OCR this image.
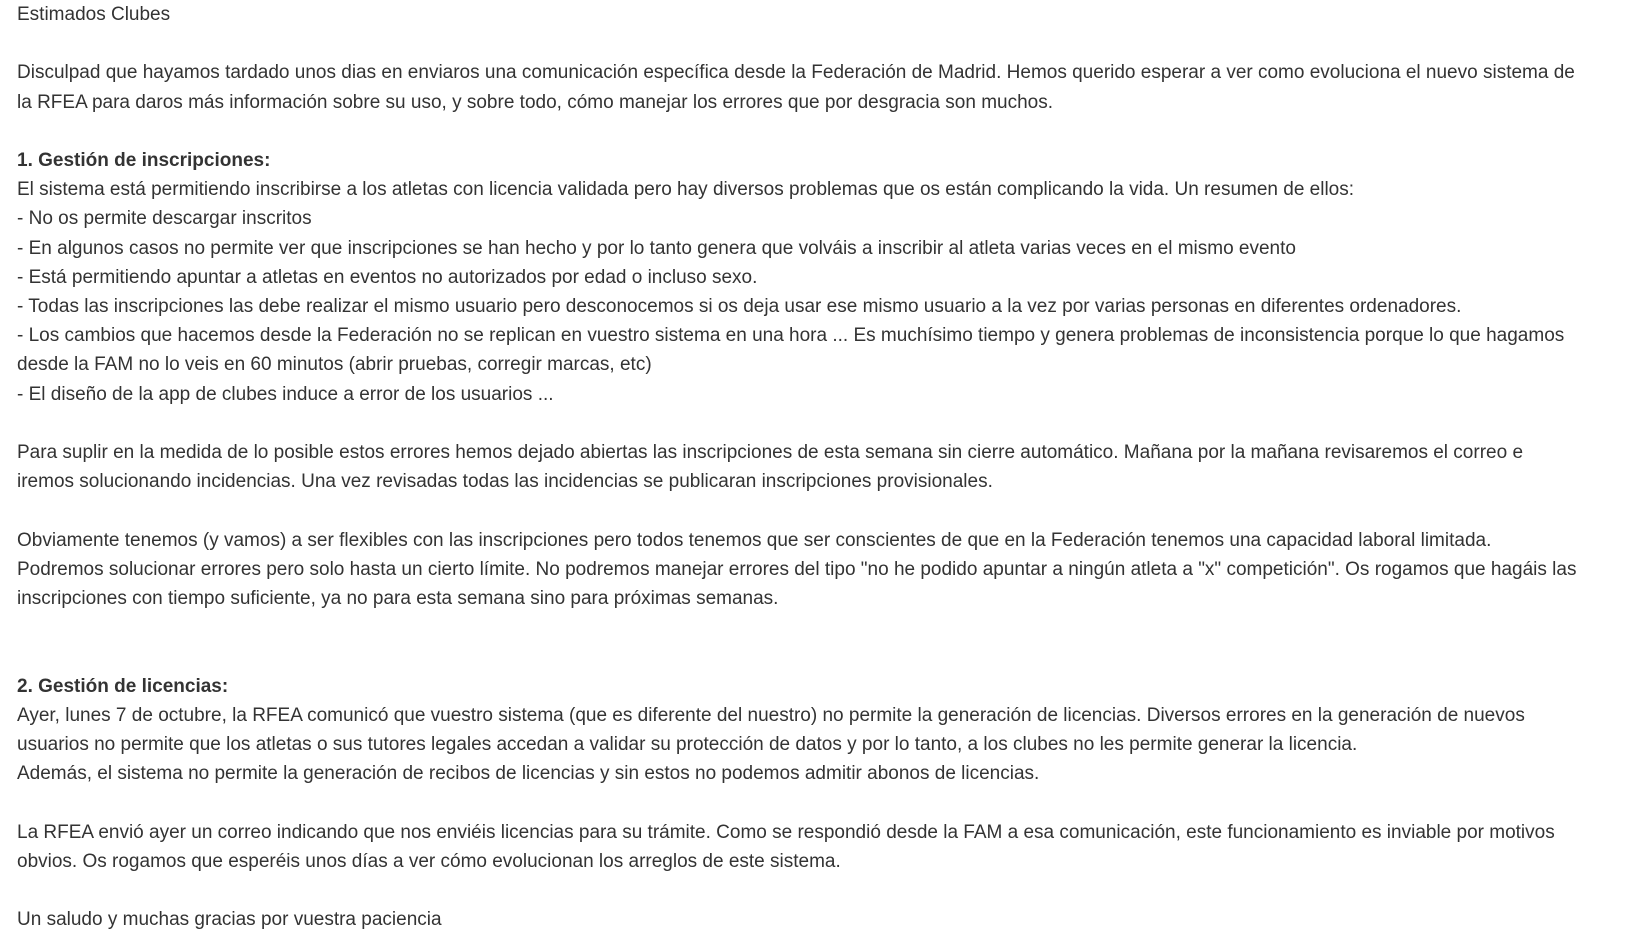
Estimados Clubes
Disculpad que hayamos tardado unos dias en enviaros una comunicación específica desde la Federación de Madrid. Hemos querido esperar a ver como evoluciona el nuevo sistema de
la RFEA para daros más información sobre su uso, y sobre todo, cómo manejar los errores que por desgracia son muchos.
1. Gestión de inscripciones:
El sistema está permitiendo inscribirse a los atletas con licencia validada pero hay diversos problemas que os están complicando la vida. Un resumen de ellos:
- No os permite descargar inscritos
- En algunos casos no permite ver que inscripciones se han hecho y por lo tanto genera que volváis a inscribir al atleta varias veces en el mismo evento
- Está permitiendo apuntar a atletas en eventos no autorizados por edad o incluso sexo.
- Todas las inscripciones las debe realizar el mismo usuario pero desconocemos si os deja usar ese mismo usuario a la vez por varias personas en diferentes ordenadores.
- Los cambios que hacemos desde la Federación no se replican en vuestro sistema en una hora ... Es muchísimo tiempo y genera problemas de inconsistencia porque lo que hagamos
desde la FAM no lo veis en 60 minutos (abrir pruebas, corregir marcas, etc)
- El diseño de la app de clubes induce a error de los usuarios ...
Para suplir en la medida de lo posible estos errores hemos dejado abiertas las inscripciones de esta semana sin cierre automático. Mañana por la mañana revisaremos el correo e
iremos solucionando incidencias. Una vez revisadas todas las incidencias se publicaran inscripciones provisionales.
Obviamente tenemos (y vamos) a ser flexibles con las inscripciones pero todos tenemos que ser conscientes de que en la Federación tenemos una capacidad laboral limitada.
Podremos solucionar errores pero solo hasta un cierto límite. No podremos manejar errores del tipo "no he podido apuntar a ningún atleta a "x" competición". Os rogamos que hagáis las
inscripciones con tiempo suficiente, ya no para esta semana sino para próximas semanas.
2. Gestión de licencias:
Ayer, lunes 7 de octubre, la RFEA comunicó que vuestro sistema (que es diferente del nuestro) no permite la generación de licencias. Diversos errores en la generación de nuevos
usuarios no permite que los atletas o sus tutores legales accedan a validar su protección de datos y por lo tanto, a los clubes no les permite generar la licencia.
Además, el sistema no permite la generación de recibos de licencias y sin estos no podemos admitir abonos de licencias.
La RFEA envió ayer un correo indicando que nos enviéis licencias para su trámite. Como se respondió desde la FAM a esa comunicación, este funcionamiento es inviable por motivos
obvios. Os rogamos que esperéis unos días a ver cómo evolucionan los arreglos de este sistema.
Un saludo y muchas gracias por vuestra paciencia
